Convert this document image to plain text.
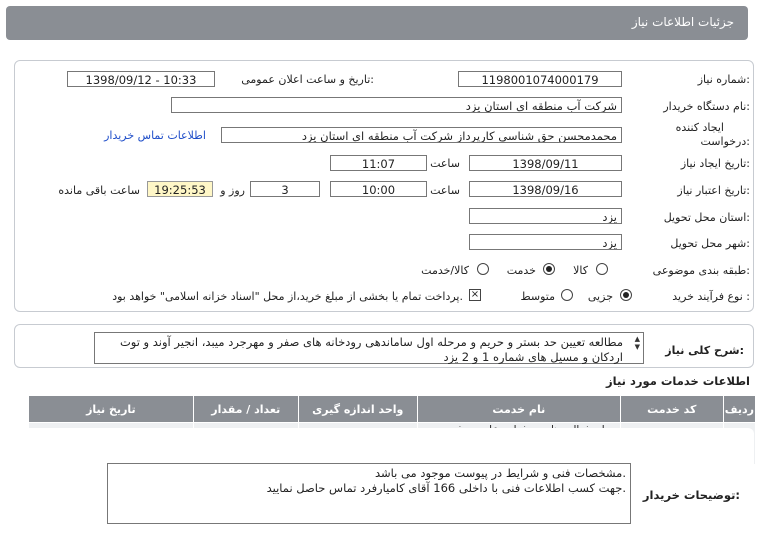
جزئیات اطلاعات نیاز
شماره نیاز:
1198001074000179
تاریخ و ساعت اعلان عمومی:
1398/09/12 - 10:33
نام دستگاه خریدار:
شرکت آب منطقه ای استان یزد
ایجاد کننده
درخواست:
محمدمحسن حق شناسی کارپرداز شرکت آب منطقه ای استان یزد
اطلاعات تماس خریدار
تاریخ ایجاد نیاز:
1398/09/11
ساعت
11:07
تاریخ اعتبار نیاز:
1398/09/16
ساعت
10:00
3
روز و
19:25:53
ساعت باقی مانده
استان محل تحویل:
یزد
شهر محل تحویل:
یزد
طبقه بندی موضوعی:
کالا
خدمت
کالا/خدمت
نوع فرآیند خرید :
جزیی
متوسط
×
پرداخت تمام یا بخشی از مبلغ خرید،از محل "اسناد خزانه اسلامی" خواهد بود.
شرح کلی نیاز:
مطالعه تعیین حد بستر و حریم و مرحله اول ساماندهی رودخانه های صفر و مهرجرد میبد، انجیر آوند و توت
اردکان و مسیل های شماره 1 و 2 یزد
▲
▼
اطلاعات خدمات مورد نیاز
ردیف	کد خدمت	نام خدمت	واحد اندازه گیری	تعداد / مقدار	تاریخ نیاز

توضیحات خریدار:
مشخصات فنی و شرایط در پیوست موجود می باشد.
جهت کسب اطلاعات فنی با داخلی 166 آقای کامیارفرد تماس حاصل نمایید.
